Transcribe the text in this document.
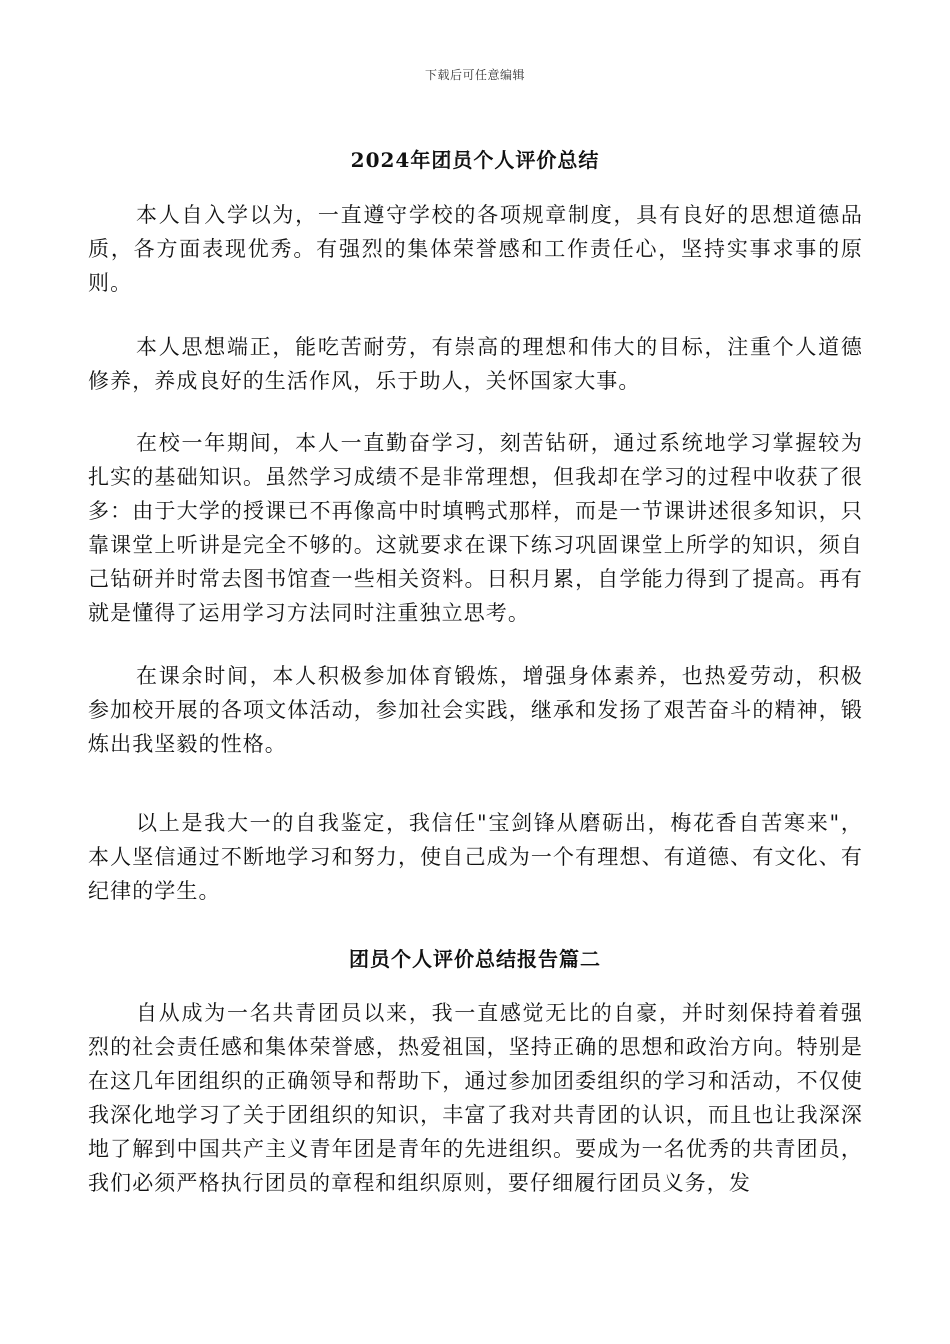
下载后可任意编辑
2024年团员个人评价总结

本人自入学以为，一直遵守学校的各项规章制度，具有良好的思想道德品质，各方面表现优秀。有强烈的集体荣誉感和工作责任心，坚持实事求事的原则。

本人思想端正，能吃苦耐劳，有崇高的理想和伟大的目标，注重个人道德修养，养成良好的生活作风，乐于助人，关怀国家大事。

在校一年期间，本人一直勤奋学习，刻苦钻研，通过系统地学习掌握较为扎实的基础知识。虽然学习成绩不是非常理想，但我却在学习的过程中收获了很多：由于大学的授课已不再像高中时填鸭式那样，而是一节课讲述很多知识，只靠课堂上听讲是完全不够的。这就要求在课下练习巩固课堂上所学的知识，须自己钻研并时常去图书馆查一些相关资料。日积月累，自学能力得到了提高。再有就是懂得了运用学习方法同时注重独立思考。

在课余时间，本人积极参加体育锻炼，增强身体素养，也热爱劳动，积极参加校开展的各项文体活动，参加社会实践，继承和发扬了艰苦奋斗的精神，锻炼出我坚毅的性格。

以上是我大一的自我鉴定，我信任"宝剑锋从磨砺出，梅花香自苦寒来"，本人坚信通过不断地学习和努力，使自己成为一个有理想、有道德、有文化、有纪律的学生。

团员个人评价总结报告篇二

自从成为一名共青团员以来，我一直感觉无比的自豪，并时刻保持着着强烈的社会责任感和集体荣誉感，热爱祖国，坚持正确的思想和政治方向。特别是在这几年团组织的正确领导和帮助下，通过参加团委组织的学习和活动，不仅使我深化地学习了关于团组织的知识，丰富了我对共青团的认识，而且也让我深深地了解到中国共产主义青年团是青年的先进组织。要成为一名优秀的共青团员，我们必须严格执行团员的章程和组织原则，要仔细履行团员义务，发
